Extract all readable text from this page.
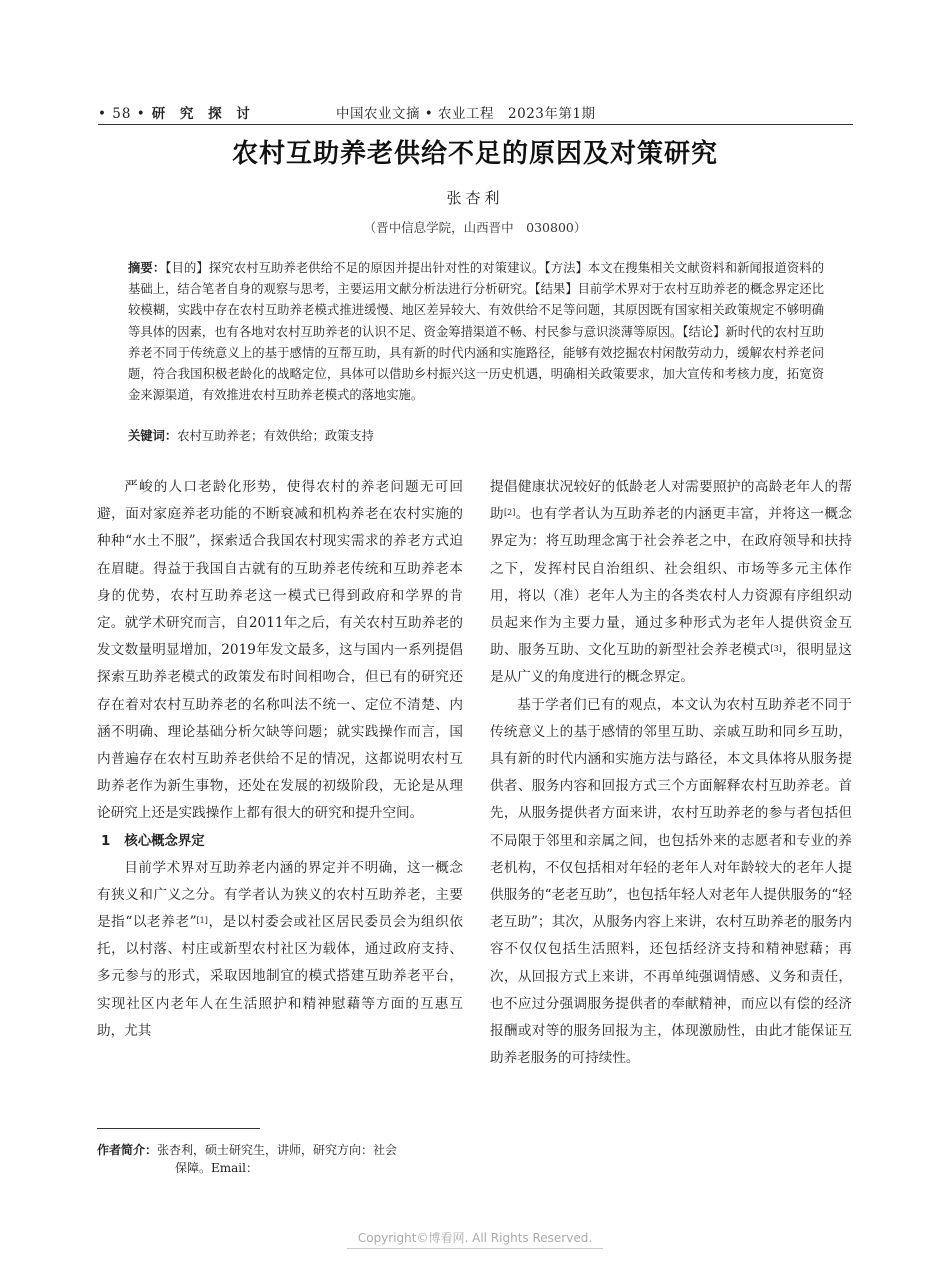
• 58 • 研 究 探 讨	中国农业文摘 • 农业工程　2023年第1期
农村互助养老供给不足的原因及对策研究
张杏利
（晋中信息学院，山西晋中　030800）
摘要：【目的】探究农村互助养老供给不足的原因并提出针对性的对策建议。【方法】本文在搜集相关文献资料和新闻报道资料的基础上，结合笔者自身的观察与思考，主要运用文献分析法进行分析研究。【结果】目前学术界对于农村互助养老的概念界定还比较模糊，实践中存在农村互助养老模式推进缓慢、地区差异较大、有效供给不足等问题，其原因既有国家相关政策规定不够明确等具体的因素，也有各地对农村互助养老的认识不足、资金筹措渠道不畅、村民参与意识淡薄等原因。【结论】新时代的农村互助养老不同于传统意义上的基于感情的互帮互助，具有新的时代内涵和实施路径，能够有效挖掘农村闲散劳动力，缓解农村养老问题，符合我国积极老龄化的战略定位，具体可以借助乡村振兴这一历史机遇，明确相关政策要求，加大宣传和考核力度，拓宽资金来源渠道，有效推进农村互助养老模式的落地实施。
关键词：农村互助养老；有效供给；政策支持

严峻的人口老龄化形势，使得农村的养老问题无可回避，面对家庭养老功能的不断衰减和机构养老在农村实施的种种“水土不服”，探索适合我国农村现实需求的养老方式迫在眉睫。得益于我国自古就有的互助养老传统和互助养老本身的优势，农村互助养老这一模式已得到政府和学界的肯定。就学术研究而言，自2011年之后，有关农村互助养老的发文数量明显增加，2019年发文最多，这与国内一系列提倡探索互助养老模式的政策发布时间相吻合，但已有的研究还存在着对农村互助养老的名称叫法不统一、定位不清楚、内涵不明确、理论基础分析欠缺等问题；就实践操作而言，国内普遍存在农村互助养老供给不足的情况，这都说明农村互助养老作为新生事物，还处在发展的初级阶段，无论是从理论研究上还是实践操作上都有很大的研究和提升空间。

1 核心概念界定

目前学术界对互助养老内涵的界定并不明确，这一概念有狭义和广义之分。有学者认为狭义的农村互助养老，主要是指“以老养老”[1]，是以村委会或社区居民委员会为组织依托，以村落、村庄或新型农村社区为载体，通过政府支持、多元参与的形式，采取因地制宜的模式搭建互助养老平台，实现社区内老年人在生活照护和精神慰藉等方面的互惠互助，尤其

提倡健康状况较好的低龄老人对需要照护的高龄老年人的帮助[2]。也有学者认为互助养老的内涵更丰富，并将这一概念界定为：将互助理念寓于社会养老之中，在政府领导和扶持之下，发挥村民自治组织、社会组织、市场等多元主体作用，将以（准）老年人为主的各类农村人力资源有序组织动员起来作为主要力量，通过多种形式为老年人提供资金互助、服务互助、文化互助的新型社会养老模式[3]，很明显这是从广义的角度进行的概念界定。

基于学者们已有的观点，本文认为农村互助养老不同于传统意义上的基于感情的邻里互助、亲戚互助和同乡互助，具有新的时代内涵和实施方法与路径，本文具体将从服务提供者、服务内容和回报方式三个方面解释农村互助养老。首先，从服务提供者方面来讲，农村互助养老的参与者包括但不局限于邻里和亲属之间，也包括外来的志愿者和专业的养老机构，不仅包括相对年轻的老年人对年龄较大的老年人提供服务的“老老互助”，也包括年轻人对老年人提供服务的“轻老互助”；其次，从服务内容上来讲，农村互助养老的服务内容不仅仅包括生活照料，还包括经济支持和精神慰藉；再次，从回报方式上来讲，不再单纯强调情感、义务和责任，也不应过分强调服务提供者的奉献精神，而应以有偿的经济报酬或对等的服务回报为主，体现激励性，由此才能保证互助养老服务的可持续性。

作者简介：张杏利，硕士研究生，讲师，研究方向：社会
保障。Email：
Copyright©博看网. All Rights Reserved.
